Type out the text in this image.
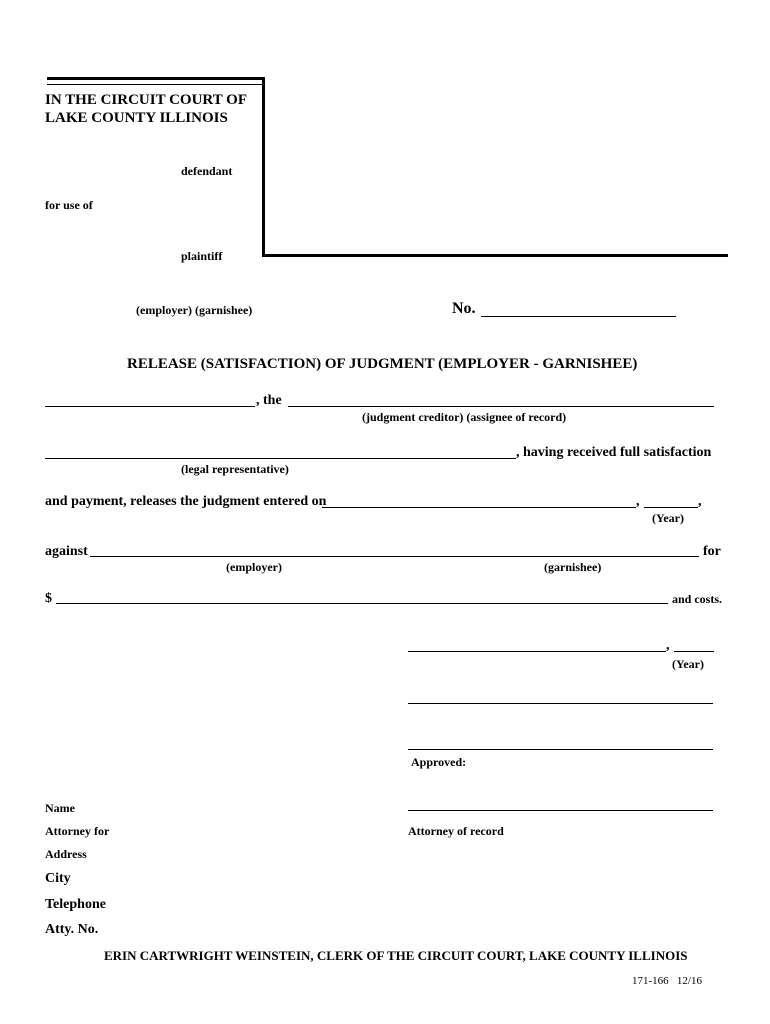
IN THE CIRCUIT COURT OF
LAKE COUNTY ILLINOIS
defendant
for use of
plaintiff
(employer) (garnishee)	No.
RELEASE (SATISFACTION) OF JUDGMENT (EMPLOYER - GARNISHEE)
, the
(judgment creditor) (assignee of record)
, having received full satisfaction
(legal representative)
and payment, releases the judgment entered on	,	,
(Year)
against	for
(employer)	(garnishee)
$	and costs.
,
(Year)
Approved:
Attorney of record
Name
Attorney for
Address
City
Telephone
Atty. No.
ERIN CARTWRIGHT WEINSTEIN, CLERK OF THE CIRCUIT COURT, LAKE COUNTY ILLINOIS
171-166   12/16
